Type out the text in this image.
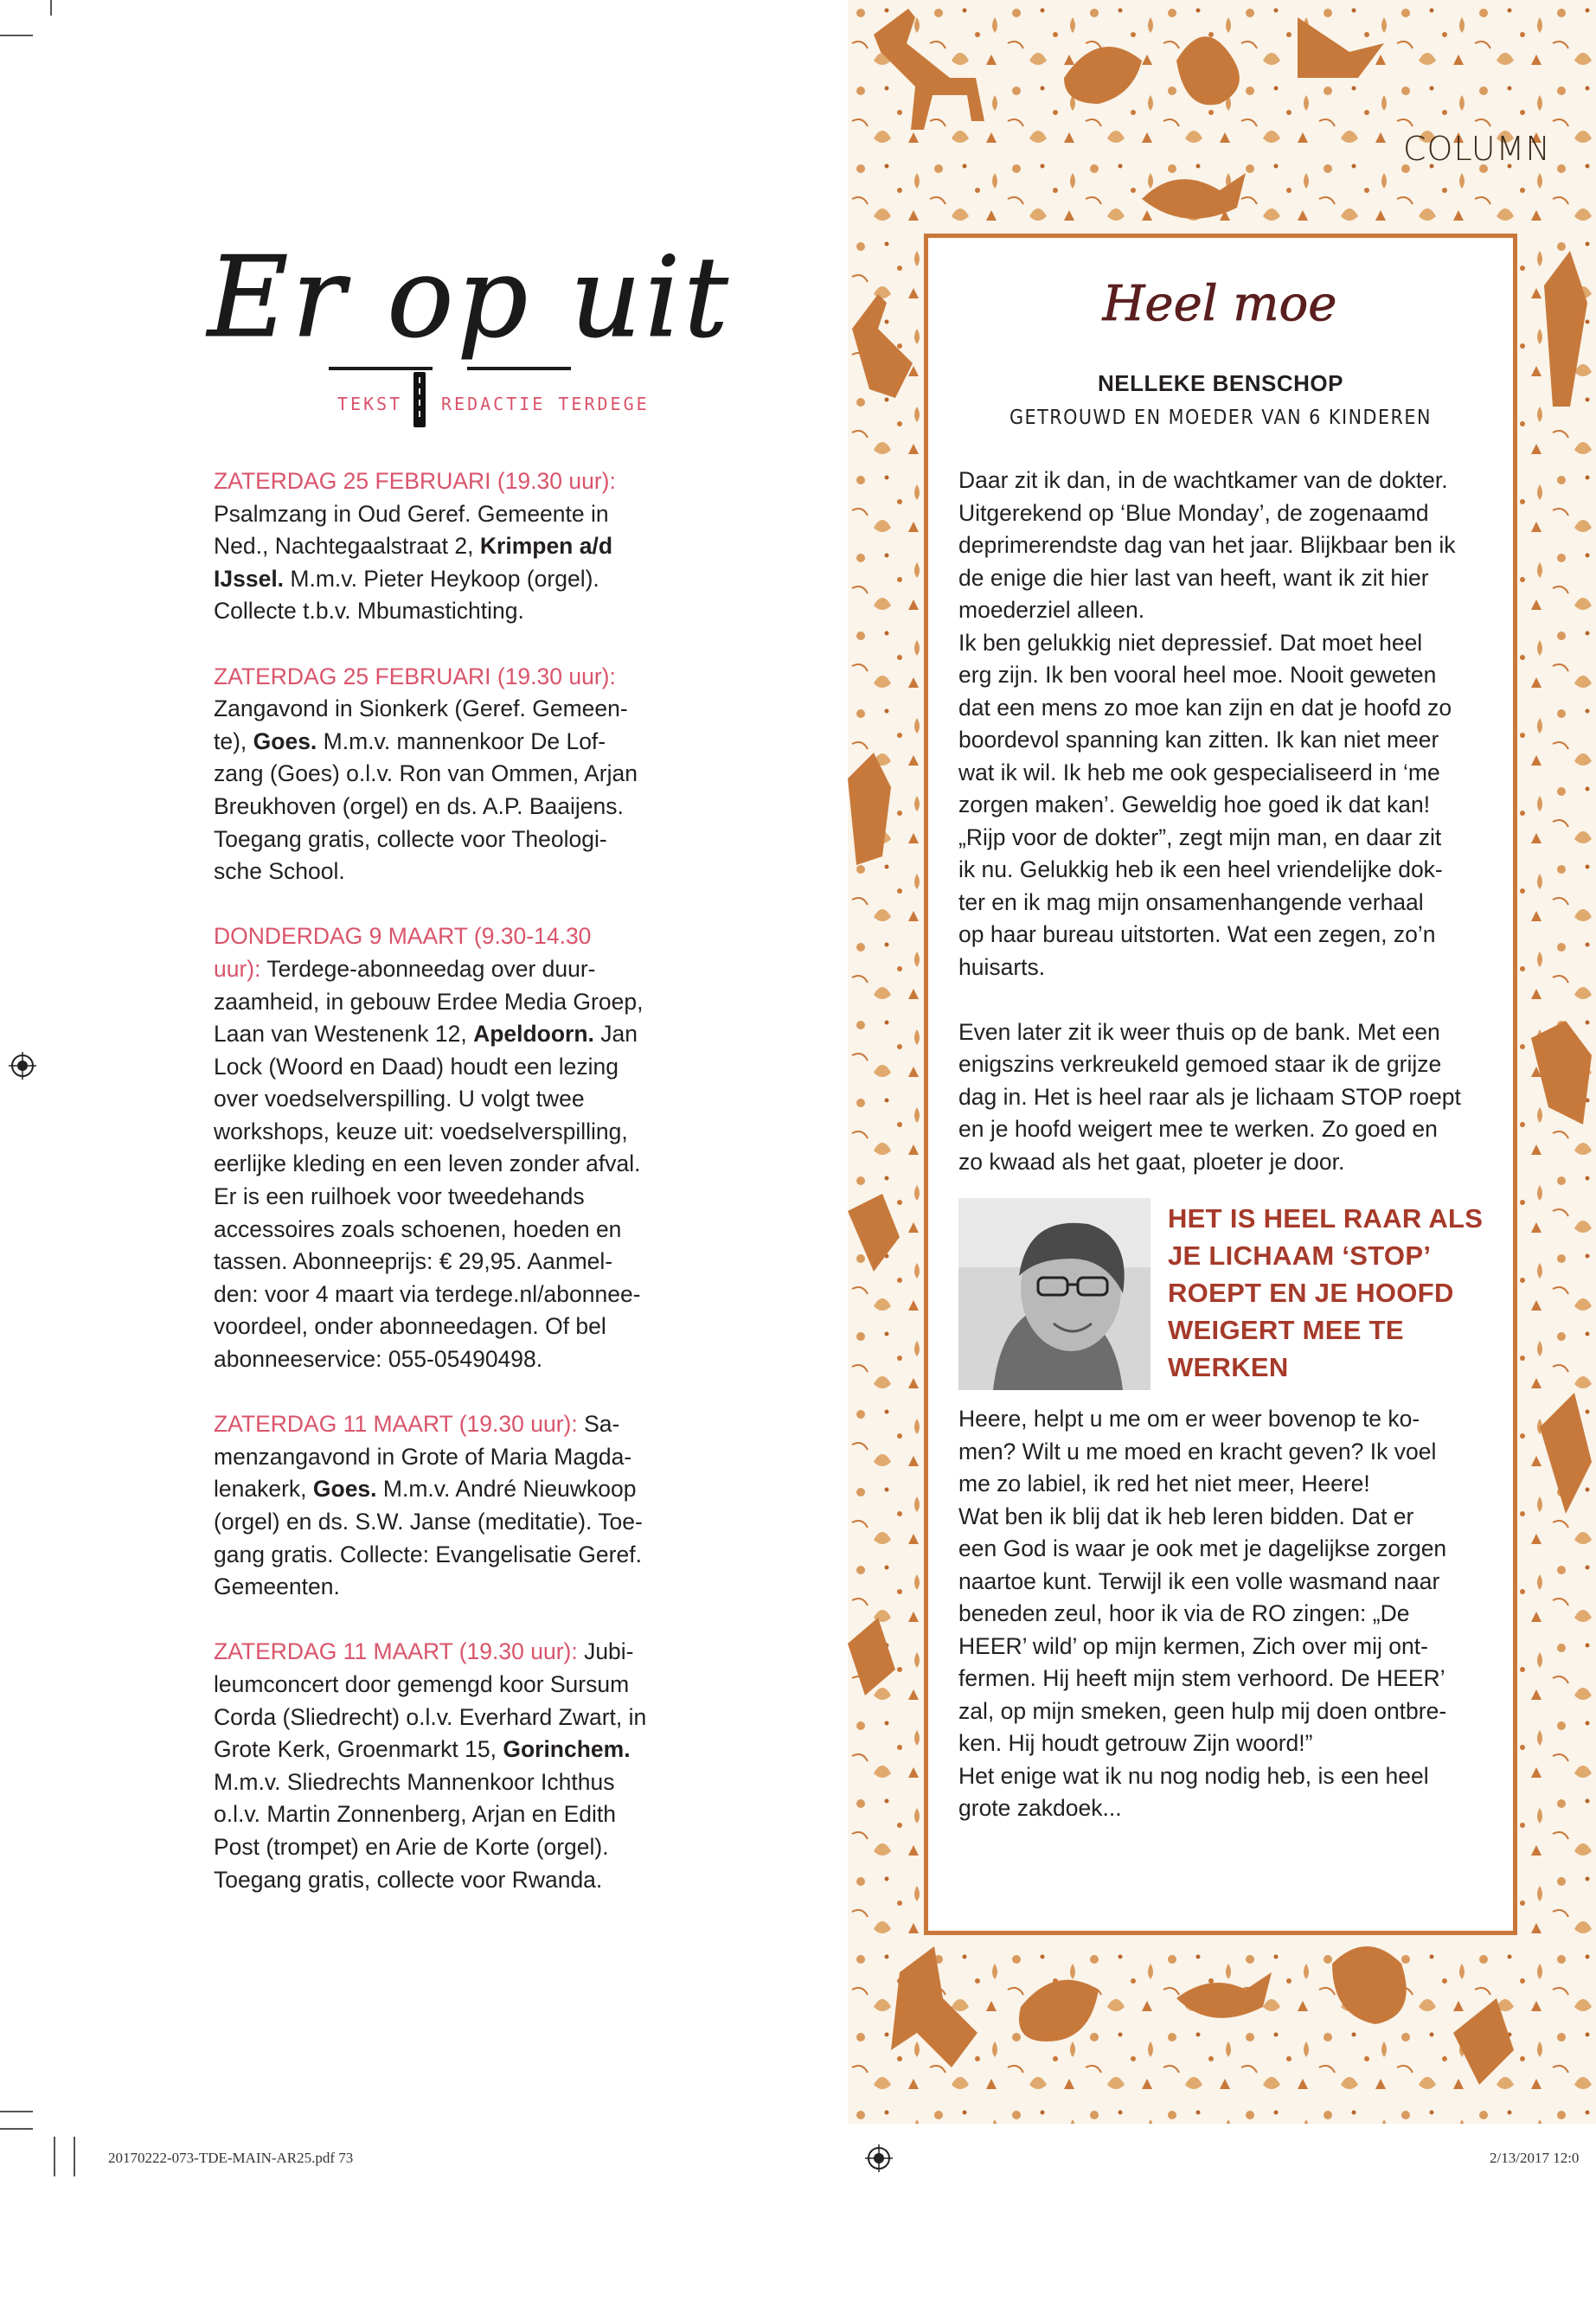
Er op uit
TEKST REDACTIE TERDEGE

ZATERDAG 25 FEBRUARI (19.30 uur):

Psalmzang in Oud Geref. Gemeente in

Ned., Nachtegaalstraat 2, Krimpen a/d

IJssel. M.m.v. Pieter Heykoop (orgel).

Collecte t.b.v. Mbumastichting.

ZATERDAG 25 FEBRUARI (19.30 uur):

Zangavond in Sionkerk (Geref. Gemeen-

te), Goes. M.m.v. mannenkoor De Lof-

zang (Goes) o.l.v. Ron van Ommen, Arjan

Breukhoven (orgel) en ds. A.P. Baaijens.

Toegang gratis, collecte voor Theologi-

sche School.

DONDERDAG 9 MAART (9.30-14.30

uur): Terdege-abonneedag over duur-

zaamheid, in gebouw Erdee Media Groep,

Laan van Westenenk 12, Apeldoorn. Jan

Lock (Woord en Daad) houdt een lezing

over voedselverspilling. U volgt twee

workshops, keuze uit: voedselverspilling,

eerlijke kleding en een leven zonder afval.

Er is een ruilhoek voor tweedehands

accessoires zoals schoenen, hoeden en

tassen. Abonneeprijs: € 29,95. Aanmel-

den: voor 4 maart via terdege.nl/abonnee-

voordeel, onder abonneedagen. Of bel

abonneeservice: 055-05490498.

ZATERDAG 11 MAART (19.30 uur): Sa-

menzangavond in Grote of Maria Magda-

lenakerk, Goes. M.m.v. André Nieuwkoop

(orgel) en ds. S.W. Janse (meditatie). Toe-

gang gratis. Collecte: Evangelisatie Geref.

Gemeenten.

ZATERDAG 11 MAART (19.30 uur): Jubi-

leumconcert door gemengd koor Sursum

Corda (Sliedrecht) o.l.v. Everhard Zwart, in

Grote Kerk, Groenmarkt 15, Gorinchem.

M.m.v. Sliedrechts Mannenkoor Ichthus

o.l.v. Martin Zonnenberg, Arjan en Edith

Post (trompet) en Arie de Korte (orgel).

Toegang gratis, collecte voor Rwanda.

COLUMN
Heel moe
NELLEKE BENSCHOP
GETROUWD EN MOEDER VAN 6 KINDEREN

Daar zit ik dan, in de wachtkamer van de dokter.

Uitgerekend op ‘Blue Monday’, de zogenaamd

deprimerendste dag van het jaar. Blijkbaar ben ik

de enige die hier last van heeft, want ik zit hier

moederziel alleen.

Ik ben gelukkig niet depressief. Dat moet heel

erg zijn. Ik ben vooral heel moe. Nooit geweten

dat een mens zo moe kan zijn en dat je hoofd zo

boordevol spanning kan zitten. Ik kan niet meer

wat ik wil. Ik heb me ook gespecialiseerd in ‘me

zorgen maken’. Geweldig hoe goed ik dat kan!

„Rijp voor de dokter”, zegt mijn man, en daar zit

ik nu. Gelukkig heb ik een heel vriendelijke dok-

ter en ik mag mijn onsamenhangende verhaal

op haar bureau uitstorten. Wat een zegen, zo’n

huisarts.

Even later zit ik weer thuis op de bank. Met een

enigszins verkreukeld gemoed staar ik de grijze

dag in. Het is heel raar als je lichaam STOP roept

en je hoofd weigert mee te werken. Zo goed en

zo kwaad als het gaat, ploeter je door.

HET IS HEEL RAAR ALS
JE LICHAAM ‘STOP’
ROEPT EN JE HOOFD
WEIGERT MEE TE
WERKEN

Heere, helpt u me om er weer bovenop te ko-

men? Wilt u me moed en kracht geven? Ik voel

me zo labiel, ik red het niet meer, Heere!

Wat ben ik blij dat ik heb leren bidden. Dat er

een God is waar je ook met je dagelijkse zorgen

naartoe kunt. Terwijl ik een volle wasmand naar

beneden zeul, hoor ik via de RO zingen: „De

HEER’ wild’ op mijn kermen, Zich over mij ont-

fermen. Hij heeft mijn stem verhoord. De HEER’

zal, op mijn smeken, geen hulp mij doen ontbre-

ken. Hij houdt getrouw Zijn woord!”

Het enige wat ik nu nog nodig heb, is een heel

grote zakdoek...

20170222-073-TDE-MAIN-AR25.pdf 73	2/13/2017 12:0
